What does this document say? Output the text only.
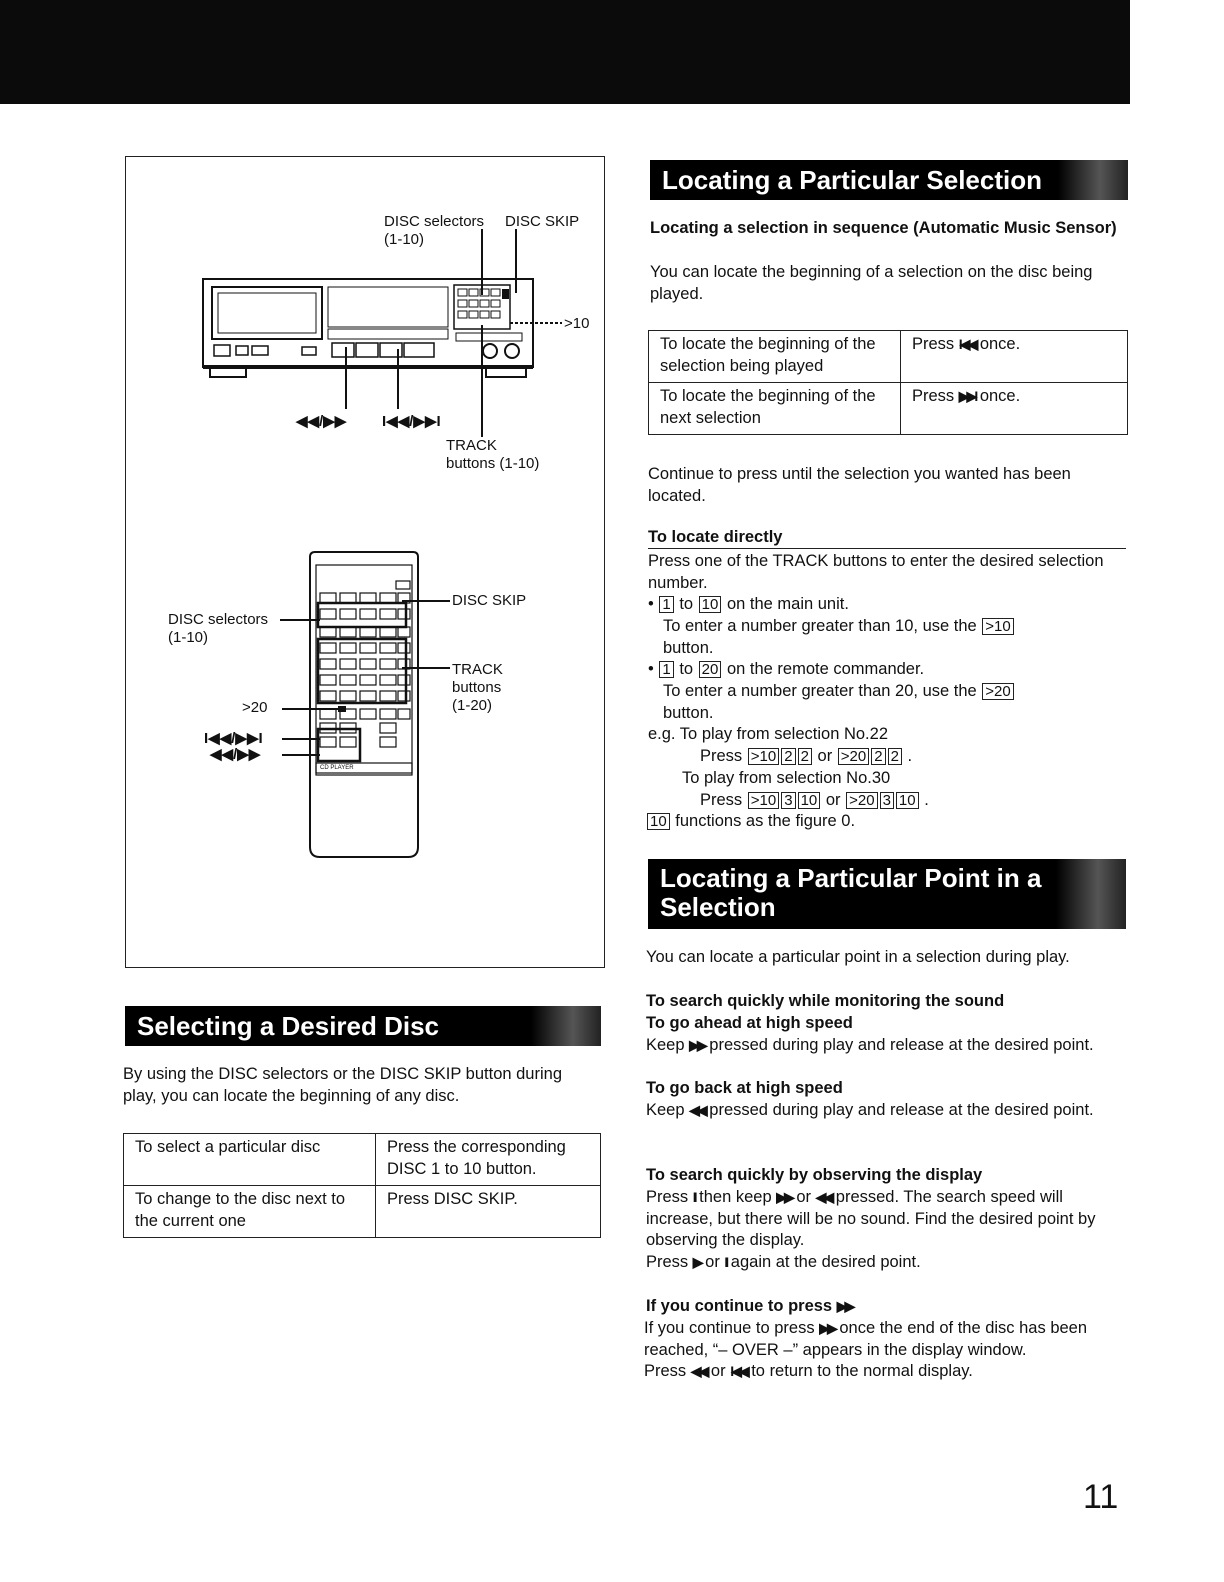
DISC selectors
(1-10)
DISC SKIP
>10
◀◀/▶▶ I◀◀/▶▶I
TRACK
buttons (1-10)
DISC selectors
(1-10)
DISC SKIP
TRACK
buttons
(1-20)
>20
I◀◀/▶▶I
◀◀/▶▶
CD PLAYER
Selecting a Desired Disc
By using the DISC selectors or the DISC SKIP button during play, you can locate the beginning of any disc.
To select a particular disc	Press the corresponding DISC 1 to 10 button.
To change to the disc next to the current one	Press DISC SKIP.
Locating a Particular Selection
Locating a selection in sequence (Automatic Music Sensor)
You can locate the beginning of a selection on the disc being played.
To locate the beginning of the selection being played	Press I◀◀ once.
To locate the beginning of the next selection	Press ▶▶I once.
Continue to press until the selection you wanted has been located.
To locate directly
Press one of the TRACK buttons to enter the desired selection number.
• 1 to 10 on the main unit.
To enter a number greater than 10, use the >10
button.
• 1 to 20 on the remote commander.
To enter a number greater than 20, use the >20
button.
e.g. To play from selection No.22
Press >10 2 2 or >20 2 2 .
To play from selection No.30
Press >10 3 10 or >20 3 10 .
10 functions as the figure 0.
Locating a Particular Point in a
Selection
You can locate a particular point in a selection during play.
To search quickly while monitoring the sound
To go ahead at high speed
Keep ▶▶ pressed during play and release at the desired point.
To go back at high speed
Keep ◀◀ pressed during play and release at the desired point.
To search quickly by observing the display
Press II then keep ▶▶ or ◀◀ pressed. The search speed will increase, but there will be no sound. Find the desired point by observing the display.
Press ▶ or II again at the desired point.
If you continue to press ▶▶
If you continue to press ▶▶ once the end of the disc has been reached, “– OVER –” appears in the display window.
Press ◀◀ or I◀◀ to return to the normal display.
11
